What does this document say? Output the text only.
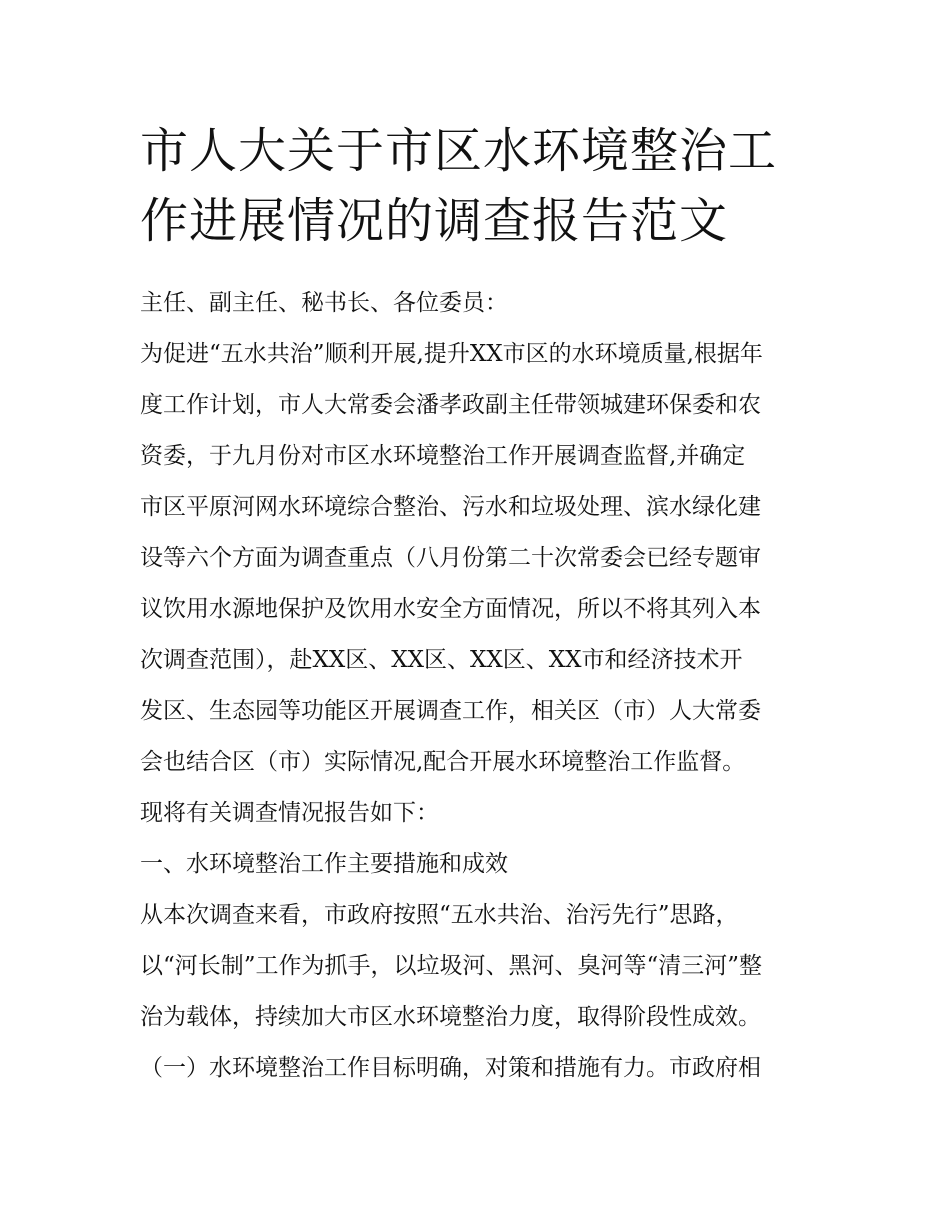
市人大关于市区水环境整治工
作进展情况的调查报告范文

主任、副主任、秘书长、各位委员：

为促进“五水共治”顺利开展,提升XX市区的水环境质量,根据年

度工作计划，市人大常委会潘孝政副主任带领城建环保委和农

资委，于九月份对市区水环境整治工作开展调查监督,并确定

市区平原河网水环境综合整治、污水和垃圾处理、滨水绿化建

设等六个方面为调查重点（八月份第二十次常委会已经专题审

议饮用水源地保护及饮用水安全方面情况，所以不将其列入本

次调查范围），赴XX区、XX区、XX区、XX市和经济技术开

发区、生态园等功能区开展调查工作，相关区（市）人大常委

会也结合区（市）实际情况,配合开展水环境整治工作监督。

现将有关调查情况报告如下：

一、水环境整治工作主要措施和成效

从本次调查来看，市政府按照“五水共治、治污先行”思路，

以“河长制”工作为抓手，以垃圾河、黑河、臭河等“清三河”整

治为载体，持续加大市区水环境整治力度，取得阶段性成效。

（一）水环境整治工作目标明确，对策和措施有力。市政府相
